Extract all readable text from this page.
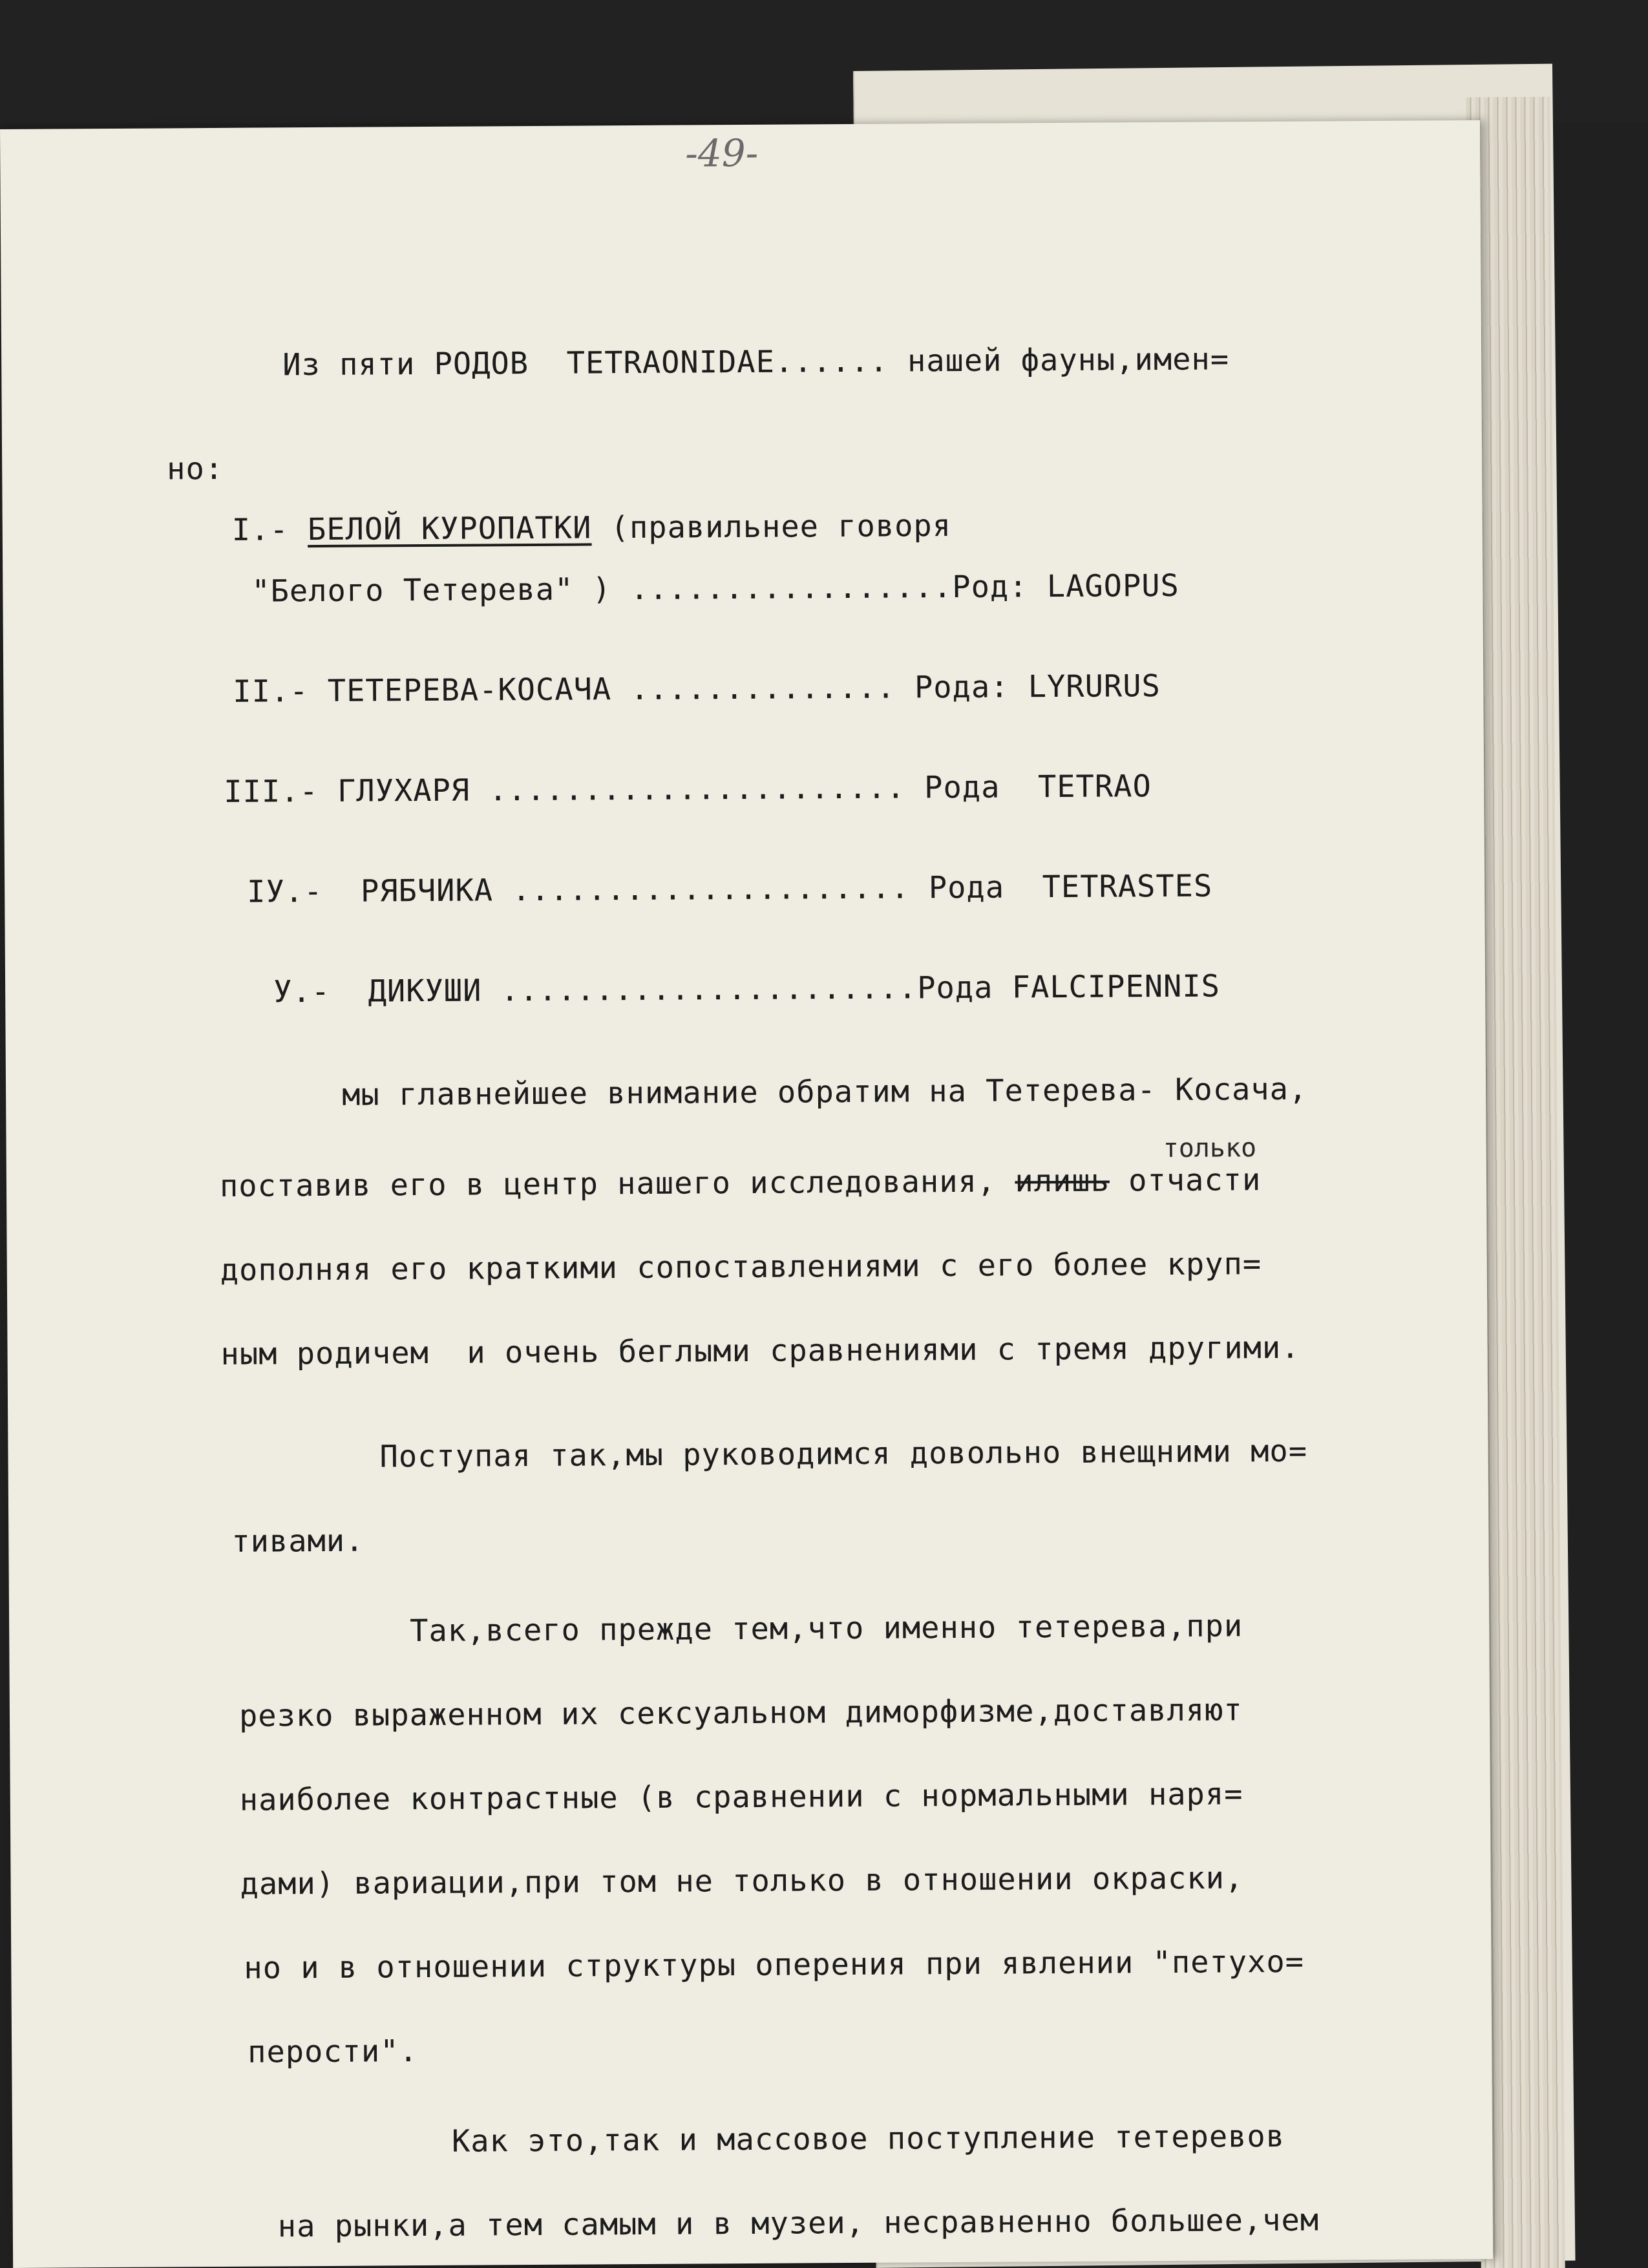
-49-
Из пяти РОДОВ  TETRAONIDAE...... нашей фауны,имен=
но:
I.- БЕЛОЙ КУРОПАТКИ (правильнее говоря
"Белого Тетерева" ) .................Род: LAGOPUS
II.- ТЕТЕРЕВА-КОСАЧА .............. Рода: LYRURUS
III.- ГЛУХАРЯ ...................... Рода  TETRAO
IУ.-  РЯБЧИКА ..................... Рода  TETRASTES
У.-  ДИКУШИ ......................Рода FALCIPENNIS
мы главнейшее внимание обратим на Тетерева- Косача,
только
поставив его в центр нашего исследования, илишь отчасти
дополняя его краткими сопоставлениями с его более круп=
ным родичем  и очень беглыми сравнениями с тремя другими.
Поступая так,мы руководимся довольно внещними мо=
тивами.
Так,всего прежде тем,что именно тетерева,при
резко выраженном их сексуальном диморфизме,доставляют
наиболее контрастные (в сравнении с нормальными наря=
дами) вариации,при том не только в отношении окраски,
но и в отношении структуры оперения при явлении "петухо=
перости".
Как это,так и массовое поступление тетеревов
на рынки,а тем самым и в музеи, несравненно большее,чем
